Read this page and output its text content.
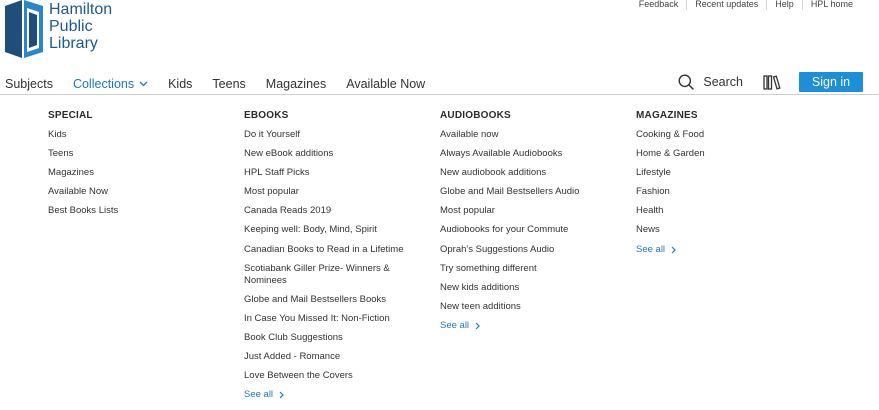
Hamilton
Public
Library
Feedback	Recent updates	Help	HPL home
Subjects Collections	Kids Teens Magazines Available Now	Search	Sign in
SPECIAL
Kids
Teens
Magazines
Available Now
Best Books Lists
EBOOKS
Do it Yourself
New eBook additions
HPL Staff Picks
Most popular
Canada Reads 2019
Keeping well: Body, Mind, Spirit
Canadian Books to Read in a Lifetime
Scotiabank Giller Prize- Winners & Nominees
Globe and Mail Bestsellers Books
In Case You Missed It: Non-Fiction
Book Club Suggestions
Just Added - Romance
Love Between the Covers
See all
AUDIOBOOKS
Available now
Always Available Audiobooks
New audiobook additions
Globe and Mail Bestsellers Audio
Most popular
Audiobooks for your Commute
Oprah's Suggestions Audio
Try something different
New kids additions
New teen additions
See all
MAGAZINES
Cooking & Food
Home & Garden
Lifestyle
Fashion
Health
News
See all
